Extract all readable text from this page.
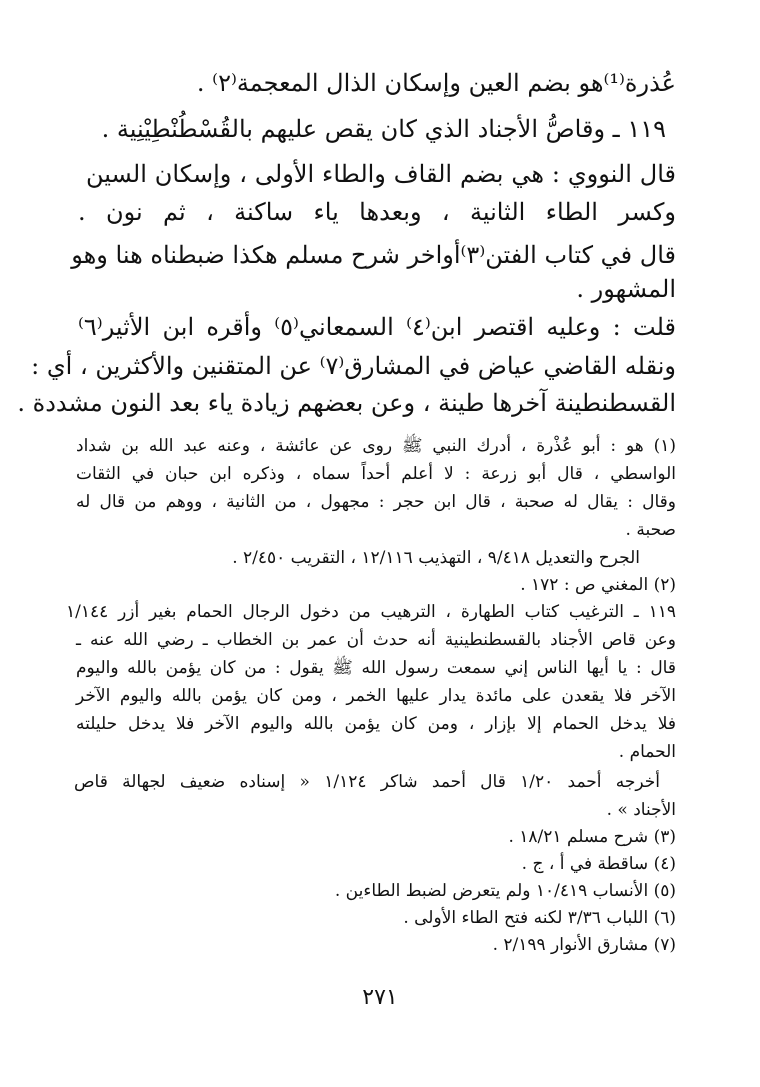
عُذرة⁽¹⁾هو بضم العين وإسكان الذال المعجمة⁽٢⁾ .
١١٩ ـ وقاصُّ الأجناد الذي كان يقص عليهم بالقُسْطُنْطِيْنِية .
قال النووي : هي بضم القاف والطاء الأولى ، وإسكان السين
وكسر الطاء الثانية ، وبعدها ياء ساكنة ، ثم نون .
قال في كتاب الفتن⁽٣⁾أواخر شرح مسلم هكذا ضبطناه هنا وهو
المشهور .
قلت : وعليه اقتصر ابن⁽٤⁾ السمعاني⁽٥⁾ وأقره ابن الأثير⁽٦⁾
ونقله القاضي عياض في المشارق⁽٧⁾ عن المتقنين والأكثرين ، أي :
القسطنطينة آخرها طينة ، وعن بعضهم زيادة ياء بعد النون مشددة .
(١) هو : أبو عُذْرة ، أدرك النبي ﷺ روى عن عائشة ، وعنه عبد الله بن شداد
الواسطي ، قال أبو زرعة : لا أعلم أحداً سماه ، وذكره ابن حبان في الثقات
وقال : يقال له صحبة ، قال ابن حجر : مجهول ، من الثانية ، ووهم من قال له
صحبة .
الجرح والتعديل ٩/٤١٨ ، التهذيب ١٢/١١٦ ، التقريب ٢/٤٥٠ .
(٢) المغني ص : ١٧٢ .
١١٩ ـ الترغيب كتاب الطهارة ، الترهيب من دخول الرجال الحمام بغير أزر ١/١٤٤
وعن قاص الأجناد بالقسطنطينية أنه حدث أن عمر بن الخطاب ـ رضي الله عنه ـ
قال : يا أيها الناس إني سمعت رسول الله ﷺ يقول : من كان يؤمن بالله واليوم
الآخر فلا يقعدن على مائدة يدار عليها الخمر ، ومن كان يؤمن بالله واليوم الآخر
فلا يدخل الحمام إلا بإزار ، ومن كان يؤمن بالله واليوم الآخر فلا يدخل حليلته
الحمام .
أخرجه أحمد ١/٢٠ قال أحمد شاكر ١/١٢٤ « إسناده ضعيف لجهالة قاص
الأجناد » .
(٣) شرح مسلم ١٨/٢١ .
(٤) ساقطة في أ ، ج .
(٥) الأنساب ١٠/٤١٩ ولم يتعرض لضبط الطاءين .
(٦) اللباب ٣/٣٦ لكنه فتح الطاء الأولى .
(٧) مشارق الأنوار ٢/١٩٩ .
٢٧١
